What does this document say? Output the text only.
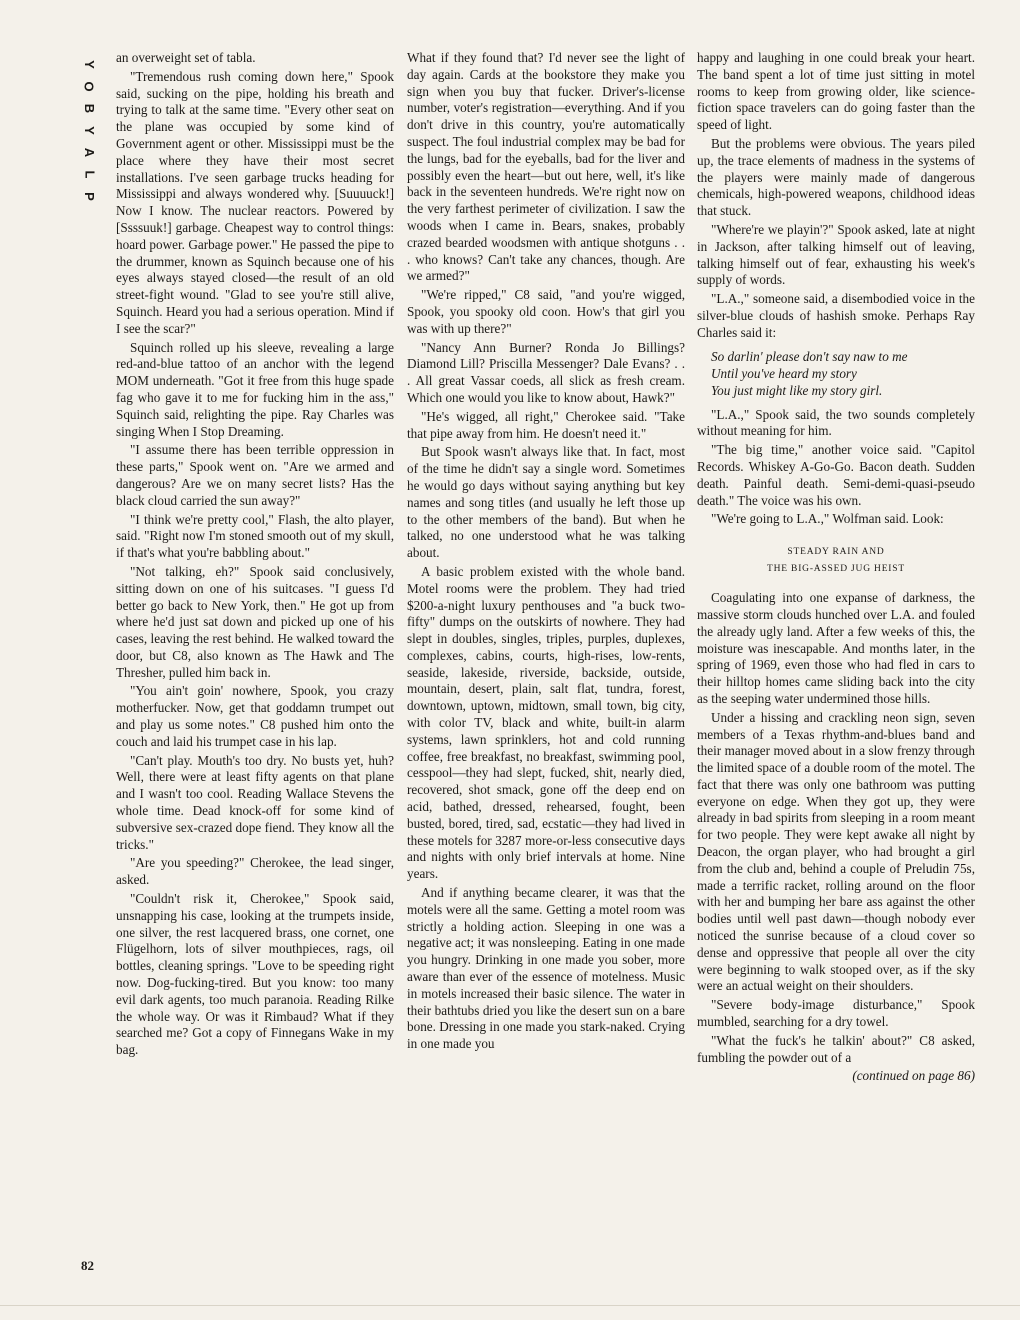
Y
O
B
Y
A
L
P
82

an overweight set of tabla.

"Tremendous rush coming down here," Spook said, sucking on the pipe, holding his breath and trying to talk at the same time. "Every other seat on the plane was occupied by some kind of Government agent or other. Mississippi must be the place where they have their most secret installations. I've seen garbage trucks heading for Mississippi and always wondered why. [Suuuuck!] Now I know. The nuclear reactors. Powered by [Ssssuuk!] garbage. Cheapest way to control things: hoard power. Garbage power." He passed the pipe to the drummer, known as Squinch because one of his eyes always stayed closed—the result of an old street-fight wound. "Glad to see you're still alive, Squinch. Heard you had a serious operation. Mind if I see the scar?"

Squinch rolled up his sleeve, revealing a large red-and-blue tattoo of an anchor with the legend MOM underneath. "Got it free from this huge spade fag who gave it to me for fucking him in the ass," Squinch said, relighting the pipe. Ray Charles was singing When I Stop Dreaming.

"I assume there has been terrible oppression in these parts," Spook went on. "Are we armed and dangerous? Are we on many secret lists? Has the black cloud carried the sun away?"

"I think we're pretty cool," Flash, the alto player, said. "Right now I'm stoned smooth out of my skull, if that's what you're babbling about."

"Not talking, eh?" Spook said conclusively, sitting down on one of his suitcases. "I guess I'd better go back to New York, then." He got up from where he'd just sat down and picked up one of his cases, leaving the rest behind. He walked toward the door, but C8, also known as The Hawk and The Thresher, pulled him back in.

"You ain't goin' nowhere, Spook, you crazy motherfucker. Now, get that goddamn trumpet out and play us some notes." C8 pushed him onto the couch and laid his trumpet case in his lap.

"Can't play. Mouth's too dry. No busts yet, huh? Well, there were at least fifty agents on that plane and I wasn't too cool. Reading Wallace Stevens the whole time. Dead knock-off for some kind of subversive sex-crazed dope fiend. They know all the tricks."

"Are you speeding?" Cherokee, the lead singer, asked.

"Couldn't risk it, Cherokee," Spook said, unsnapping his case, looking at the trumpets inside, one silver, the rest lacquered brass, one cornet, one Flügelhorn, lots of silver mouthpieces, rags, oil bottles, cleaning springs. "Love to be speeding right now. Dog-fucking-tired. But you know: too many evil dark agents, too much paranoia. Reading Rilke the whole way. Or was it Rimbaud? What if they searched me? Got a copy of Finnegans Wake in my bag.

What if they found that? I'd never see the light of day again. Cards at the bookstore they make you sign when you buy that fucker. Driver's-license number, voter's registration—everything. And if you don't drive in this country, you're automatically suspect. The foul industrial complex may be bad for the lungs, bad for the eyeballs, bad for the liver and possibly even the heart—but out here, well, it's like back in the seventeen hundreds. We're right now on the very farthest perimeter of civilization. I saw the woods when I came in. Bears, snakes, probably crazed bearded woodsmen with antique shotguns . . . who knows? Can't take any chances, though. Are we armed?"

"We're ripped," C8 said, "and you're wigged, Spook, you spooky old coon. How's that girl you was with up there?"

"Nancy Ann Burner? Ronda Jo Billings? Diamond Lill? Priscilla Messenger? Dale Evans? . . . All great Vassar coeds, all slick as fresh cream. Which one would you like to know about, Hawk?"

"He's wigged, all right," Cherokee said. "Take that pipe away from him. He doesn't need it."

But Spook wasn't always like that. In fact, most of the time he didn't say a single word. Sometimes he would go days without saying anything but key names and song titles (and usually he left those up to the other members of the band). But when he talked, no one understood what he was talking about.

A basic problem existed with the whole band. Motel rooms were the problem. They had tried $200-a-night luxury penthouses and "a buck two-fifty" dumps on the outskirts of nowhere. They had slept in doubles, singles, triples, purples, duplexes, complexes, cabins, courts, high-rises, low-rents, seaside, lakeside, riverside, backside, outside, mountain, desert, plain, salt flat, tundra, forest, downtown, uptown, midtown, small town, big city, with color TV, black and white, built-in alarm systems, lawn sprinklers, hot and cold running coffee, free breakfast, no breakfast, swimming pool, cesspool—they had slept, fucked, shit, nearly died, recovered, shot smack, gone off the deep end on acid, bathed, dressed, rehearsed, fought, been busted, bored, tired, sad, ecstatic—they had lived in these motels for 3287 more-or-less consecutive days and nights with only brief intervals at home. Nine years.

And if anything became clearer, it was that the motels were all the same. Getting a motel room was strictly a holding action. Sleeping in one was a negative act; it was nonsleeping. Eating in one made you hungry. Drinking in one made you sober, more aware than ever of the essence of motelness. Music in motels increased their basic silence. The water in their bathtubs dried you like the desert sun on a bare bone. Dressing in one made you stark-naked. Crying in one made you

happy and laughing in one could break your heart. The band spent a lot of time just sitting in motel rooms to keep from growing older, like science-fiction space travelers can do going faster than the speed of light.

But the problems were obvious. The years piled up, the trace elements of madness in the systems of the players were mainly made of dangerous chemicals, high-powered weapons, childhood ideas that stuck.

"Where're we playin'?" Spook asked, late at night in Jackson, after talking himself out of leaving, talking himself out of fear, exhausting his week's supply of words.

"L.A.," someone said, a disembodied voice in the silver-blue clouds of hashish smoke. Perhaps Ray Charles said it:

So darlin' please don't say naw to me
Until you've heard my story
You just might like my story girl.

"L.A.," Spook said, the two sounds completely without meaning for him.

"The big time," another voice said. "Capitol Records. Whiskey A-Go-Go. Bacon death. Sudden death. Painful death. Semi-demi-quasi-pseudo death." The voice was his own.

"We're going to L.A.," Wolfman said. Look:

STEADY RAIN AND
THE BIG-ASSED JUG HEIST

Coagulating into one expanse of darkness, the massive storm clouds hunched over L.A. and fouled the already ugly land. After a few weeks of this, the moisture was inescapable. And months later, in the spring of 1969, even those who had fled in cars to their hilltop homes came sliding back into the city as the seeping water undermined those hills.

Under a hissing and crackling neon sign, seven members of a Texas rhythm-and-blues band and their manager moved about in a slow frenzy through the limited space of a double room of the motel. The fact that there was only one bathroom was putting everyone on edge. When they got up, they were already in bad spirits from sleeping in a room meant for two people. They were kept awake all night by Deacon, the organ player, who had brought a girl from the club and, behind a couple of Preludin 75s, made a terrific racket, rolling around on the floor with her and bumping her bare ass against the other bodies until well past dawn—though nobody ever noticed the sunrise because of a cloud cover so dense and oppressive that people all over the city were beginning to walk stooped over, as if the sky were an actual weight on their shoulders.

"Severe body-image disturbance," Spook mumbled, searching for a dry towel.

"What the fuck's he talkin' about?" C8 asked, fumbling the powder out of a

(continued on page 86)
